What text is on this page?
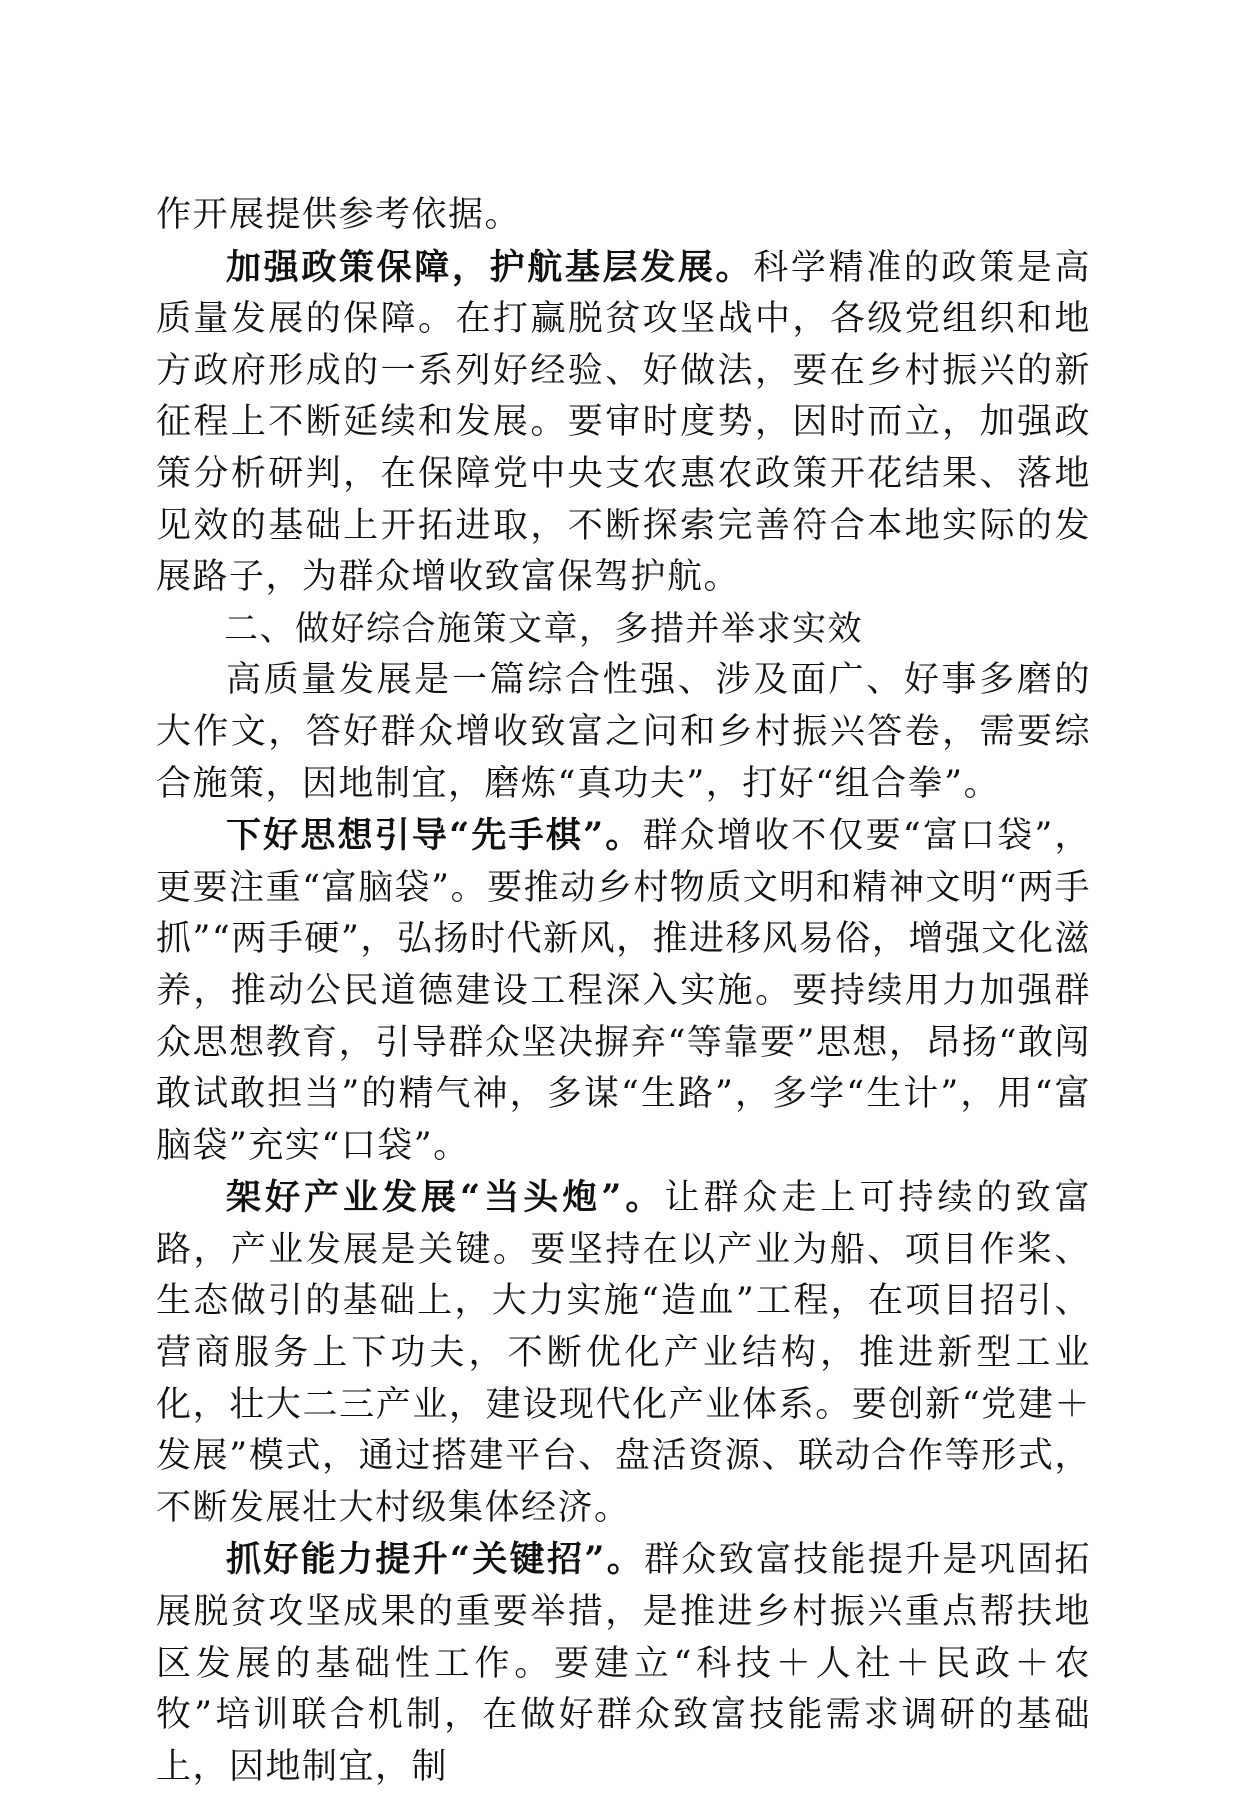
作开展提供参考依据。

加强政策保障，护航基层发展。科学精准的政策是高质量发展的保障。在打赢脱贫攻坚战中，各级党组织和地方政府形成的一系列好经验、好做法，要在乡村振兴的新征程上不断延续和发展。要审时度势，因时而立，加强政策分析研判，在保障党中央支农惠农政策开花结果、落地见效的基础上开拓进取，不断探索完善符合本地实际的发展路子，为群众增收致富保驾护航。

二、做好综合施策文章，多措并举求实效

高质量发展是一篇综合性强、涉及面广、好事多磨的大作文，答好群众增收致富之问和乡村振兴答卷，需要综合施策，因地制宜，磨炼“真功夫”，打好“组合拳”。

下好思想引导“先手棋”。群众增收不仅要“富口袋”，更要注重“富脑袋”。要推动乡村物质文明和精神文明“两手抓”“两手硬”，弘扬时代新风，推进移风易俗，增强文化滋养，推动公民道德建设工程深入实施。要持续用力加强群众思想教育，引导群众坚决摒弃“等靠要”思想，昂扬“敢闯敢试敢担当”的精气神，多谋“生路”，多学“生计”，用“富脑袋”充实“口袋”。

架好产业发展“当头炮”。让群众走上可持续的致富路，产业发展是关键。要坚持在以产业为船、项目作桨、生态做引的基础上，大力实施“造血”工程，在项目招引、营商服务上下功夫，不断优化产业结构，推进新型工业化，壮大二三产业，建设现代化产业体系。要创新“党建＋发展”模式，通过搭建平台、盘活资源、联动合作等形式，不断发展壮大村级集体经济。

抓好能力提升“关键招”。群众致富技能提升是巩固拓展脱贫攻坚成果的重要举措，是推进乡村振兴重点帮扶地区发展的基础性工作。要建立“科技＋人社＋民政＋农牧”培训联合机制，在做好群众致富技能需求调研的基础上，因地制宜，制
